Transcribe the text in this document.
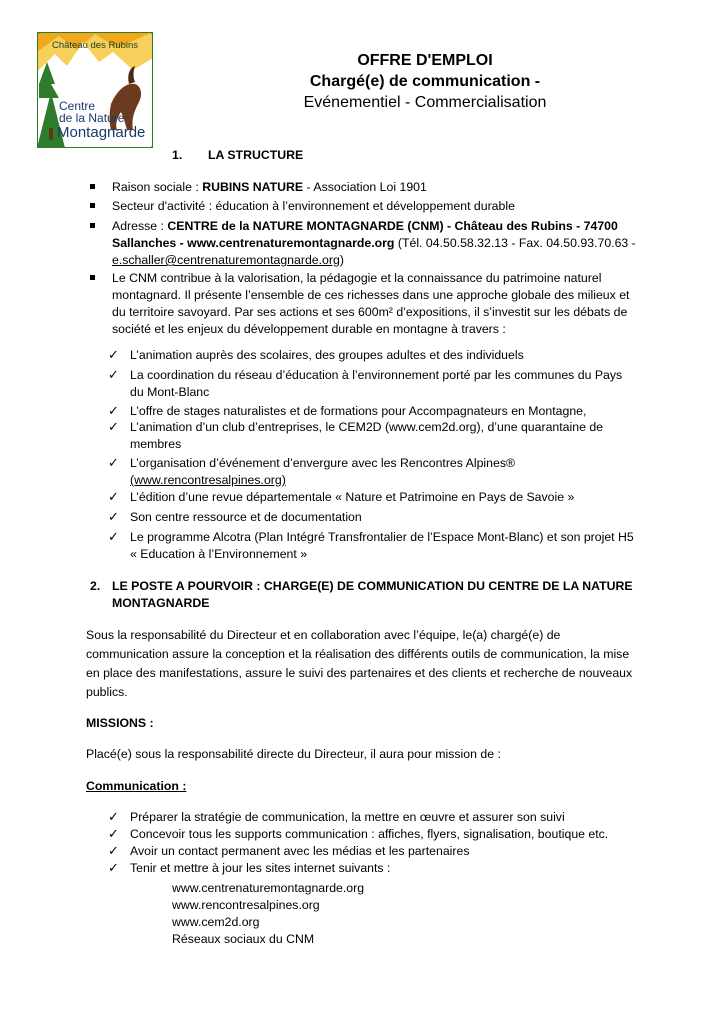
Château des Rubins
Centre
de la Nature
Montagnarde
OFFRE D'EMPLOI
Chargé(e) de communication -
Evénementiel - Commercialisation
1. LA STRUCTURE
Raison sociale : RUBINS NATURE - Association Loi 1901
Secteur d'activité : éducation à l’environnement et développement durable
Adresse : CENTRE de la NATURE MONTAGNARDE (CNM) - Château des Rubins - 74700
Sallanches - www.centrenaturemontagnarde.org (Tél. 04.50.58.32.13 - Fax. 04.50.93.70.63 -
e.schaller@centrenaturemontagnarde.org)
Le CNM contribue à la valorisation, la pédagogie et la connaissance du patrimoine naturel
montagnard. Il présente l’ensemble de ces richesses dans une approche globale des milieux et
du territoire savoyard. Par ses actions et ses 600m² d’expositions, il s’investit sur les débats de
société et les enjeux du développement durable en montagne à travers :
✓ L’animation auprès des scolaires, des groupes adultes et des individuels
✓ La coordination du réseau d’éducation à l’environnement porté par les communes du Pays
du Mont-Blanc
✓ L’offre de stages naturalistes et de formations pour Accompagnateurs en Montagne,
✓ L’animation d’un club d’entreprises, le CEM2D (www.cem2d.org), d’une quarantaine de
membres
✓ L’organisation d’événement d’envergure avec les Rencontres Alpines®
(www.rencontresalpines.org)
✓ L’édition d’une revue départementale « Nature et Patrimoine en Pays de Savoie »
✓ Son centre ressource et de documentation
✓ Le programme Alcotra (Plan Intégré Transfrontalier de l’Espace Mont-Blanc) et son projet H5
« Education à l’Environnement »
2. LE POSTE A POURVOIR : CHARGE(E) DE COMMUNICATION DU CENTRE DE LA NATURE
MONTAGNARDE
Sous la responsabilité du Directeur et en collaboration avec l’équipe, le(a) chargé(e) de
communication assure la conception et la réalisation des différents outils de communication, la mise
en place des manifestations, assure le suivi des partenaires et des clients et recherche de nouveaux
publics.
MISSIONS :
Placé(e) sous la responsabilité directe du Directeur, il aura pour mission de :
Communication :
✓ Préparer la stratégie de communication, la mettre en œuvre et assurer son suivi
✓ Concevoir tous les supports communication : affiches, flyers, signalisation, boutique etc.
✓ Avoir un contact permanent avec les médias et les partenaires
✓ Tenir et mettre à jour les sites internet suivants :
www.centrenaturemontagnarde.org
www.rencontresalpines.org
www.cem2d.org
Réseaux sociaux du CNM
